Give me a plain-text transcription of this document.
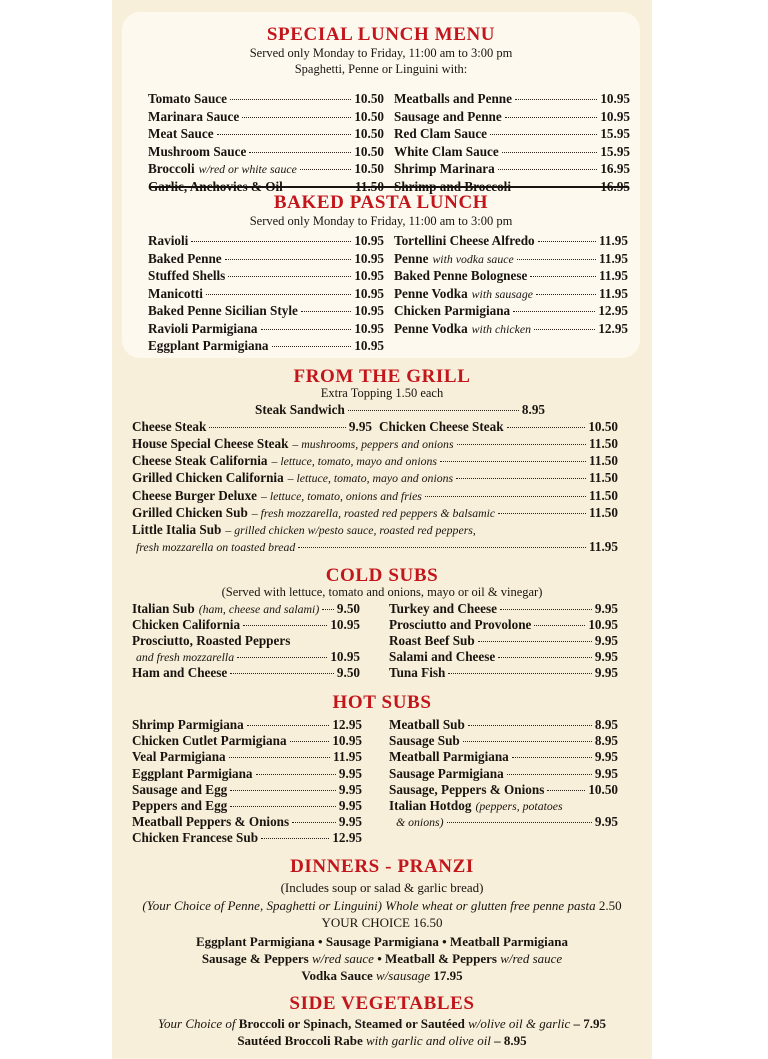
SPECIAL LUNCH MENU
Served only Monday to Friday, 11:00 am to 3:00 pm
Spaghetti, Penne or Linguini with:
Tomato Sauce	10.50
Marinara Sauce	10.50
Meat Sauce	10.50
Mushroom Sauce	10.50
Broccoli w/red or white sauce	10.50
Garlic, Anchovies & Oil	11.50
Meatballs and Penne	10.95
Sausage and Penne	10.95
Red Clam Sauce	15.95
White Clam Sauce	15.95
Shrimp Marinara	16.95
Shrimp and Broccoli	16.95
BAKED PASTA LUNCH
Served only Monday to Friday, 11:00 am to 3:00 pm
Ravioli	10.95
Baked Penne	10.95
Stuffed Shells	10.95
Manicotti	10.95
Baked Penne Sicilian Style	10.95
Ravioli Parmigiana	10.95
Eggplant Parmigiana	10.95
Tortellini Cheese Alfredo	11.95
Penne with vodka sauce	11.95
Baked Penne Bolognese	11.95
Penne Vodka with sausage	11.95
Chicken Parmigiana	12.95
Penne Vodka with chicken	12.95
FROM THE GRILL
Extra Topping 1.50 each
Steak Sandwich	8.95
Cheese Steak	9.95 Chicken Cheese Steak	10.50
House Special Cheese Steak – mushrooms, peppers and onions	11.50
Cheese Steak California – lettuce, tomato, mayo and onions	11.50
Grilled Chicken California – lettuce, tomato, mayo and onions	11.50
Cheese Burger Deluxe – lettuce, tomato, onions and fries	11.50
Grilled Chicken Sub – fresh mozzarella, roasted red peppers & balsamic	11.50
Little Italia Sub – grilled chicken w/pesto sauce, roasted red peppers,
fresh mozzarella on toasted bread	11.95
COLD SUBS
(Served with lettuce, tomato and onions, mayo or oil & vinegar)
Italian Sub (ham, cheese and salami) 9.50
Chicken California	10.95
Prosciutto, Roasted Peppers
and fresh mozzarella	10.95
Ham and Cheese	9.50
Turkey and Cheese	9.95
Prosciutto and Provolone	10.95
Roast Beef Sub	9.95
Salami and Cheese	9.95
Tuna Fish	9.95
HOT SUBS
Shrimp Parmigiana	12.95
Chicken Cutlet Parmigiana	10.95
Veal Parmigiana	11.95
Eggplant Parmigiana	9.95
Sausage and Egg	9.95
Peppers and Egg	9.95
Meatball Peppers & Onions	9.95
Chicken Francese Sub	12.95
Meatball Sub	8.95
Sausage Sub	8.95
Meatball Parmigiana	9.95
Sausage Parmigiana	9.95
Sausage, Peppers & Onions	10.50
Italian Hotdog (peppers, potatoes
& onions)	9.95
DINNERS - PRANZI
(Includes soup or salad & garlic bread)
(Your Choice of Penne, Spaghetti or Linguini) Whole wheat or glutten free penne pasta 2.50
YOUR CHOICE 16.50
Eggplant Parmigiana • Sausage Parmigiana • Meatball Parmigiana
Sausage & Peppers w/red sauce • Meatball & Peppers w/red sauce
Vodka Sauce w/sausage 17.95
SIDE VEGETABLES
Your Choice of Broccoli or Spinach, Steamed or Sautéed w/olive oil & garlic – 7.95
Sautéed Broccoli Rabe with garlic and olive oil – 8.95
